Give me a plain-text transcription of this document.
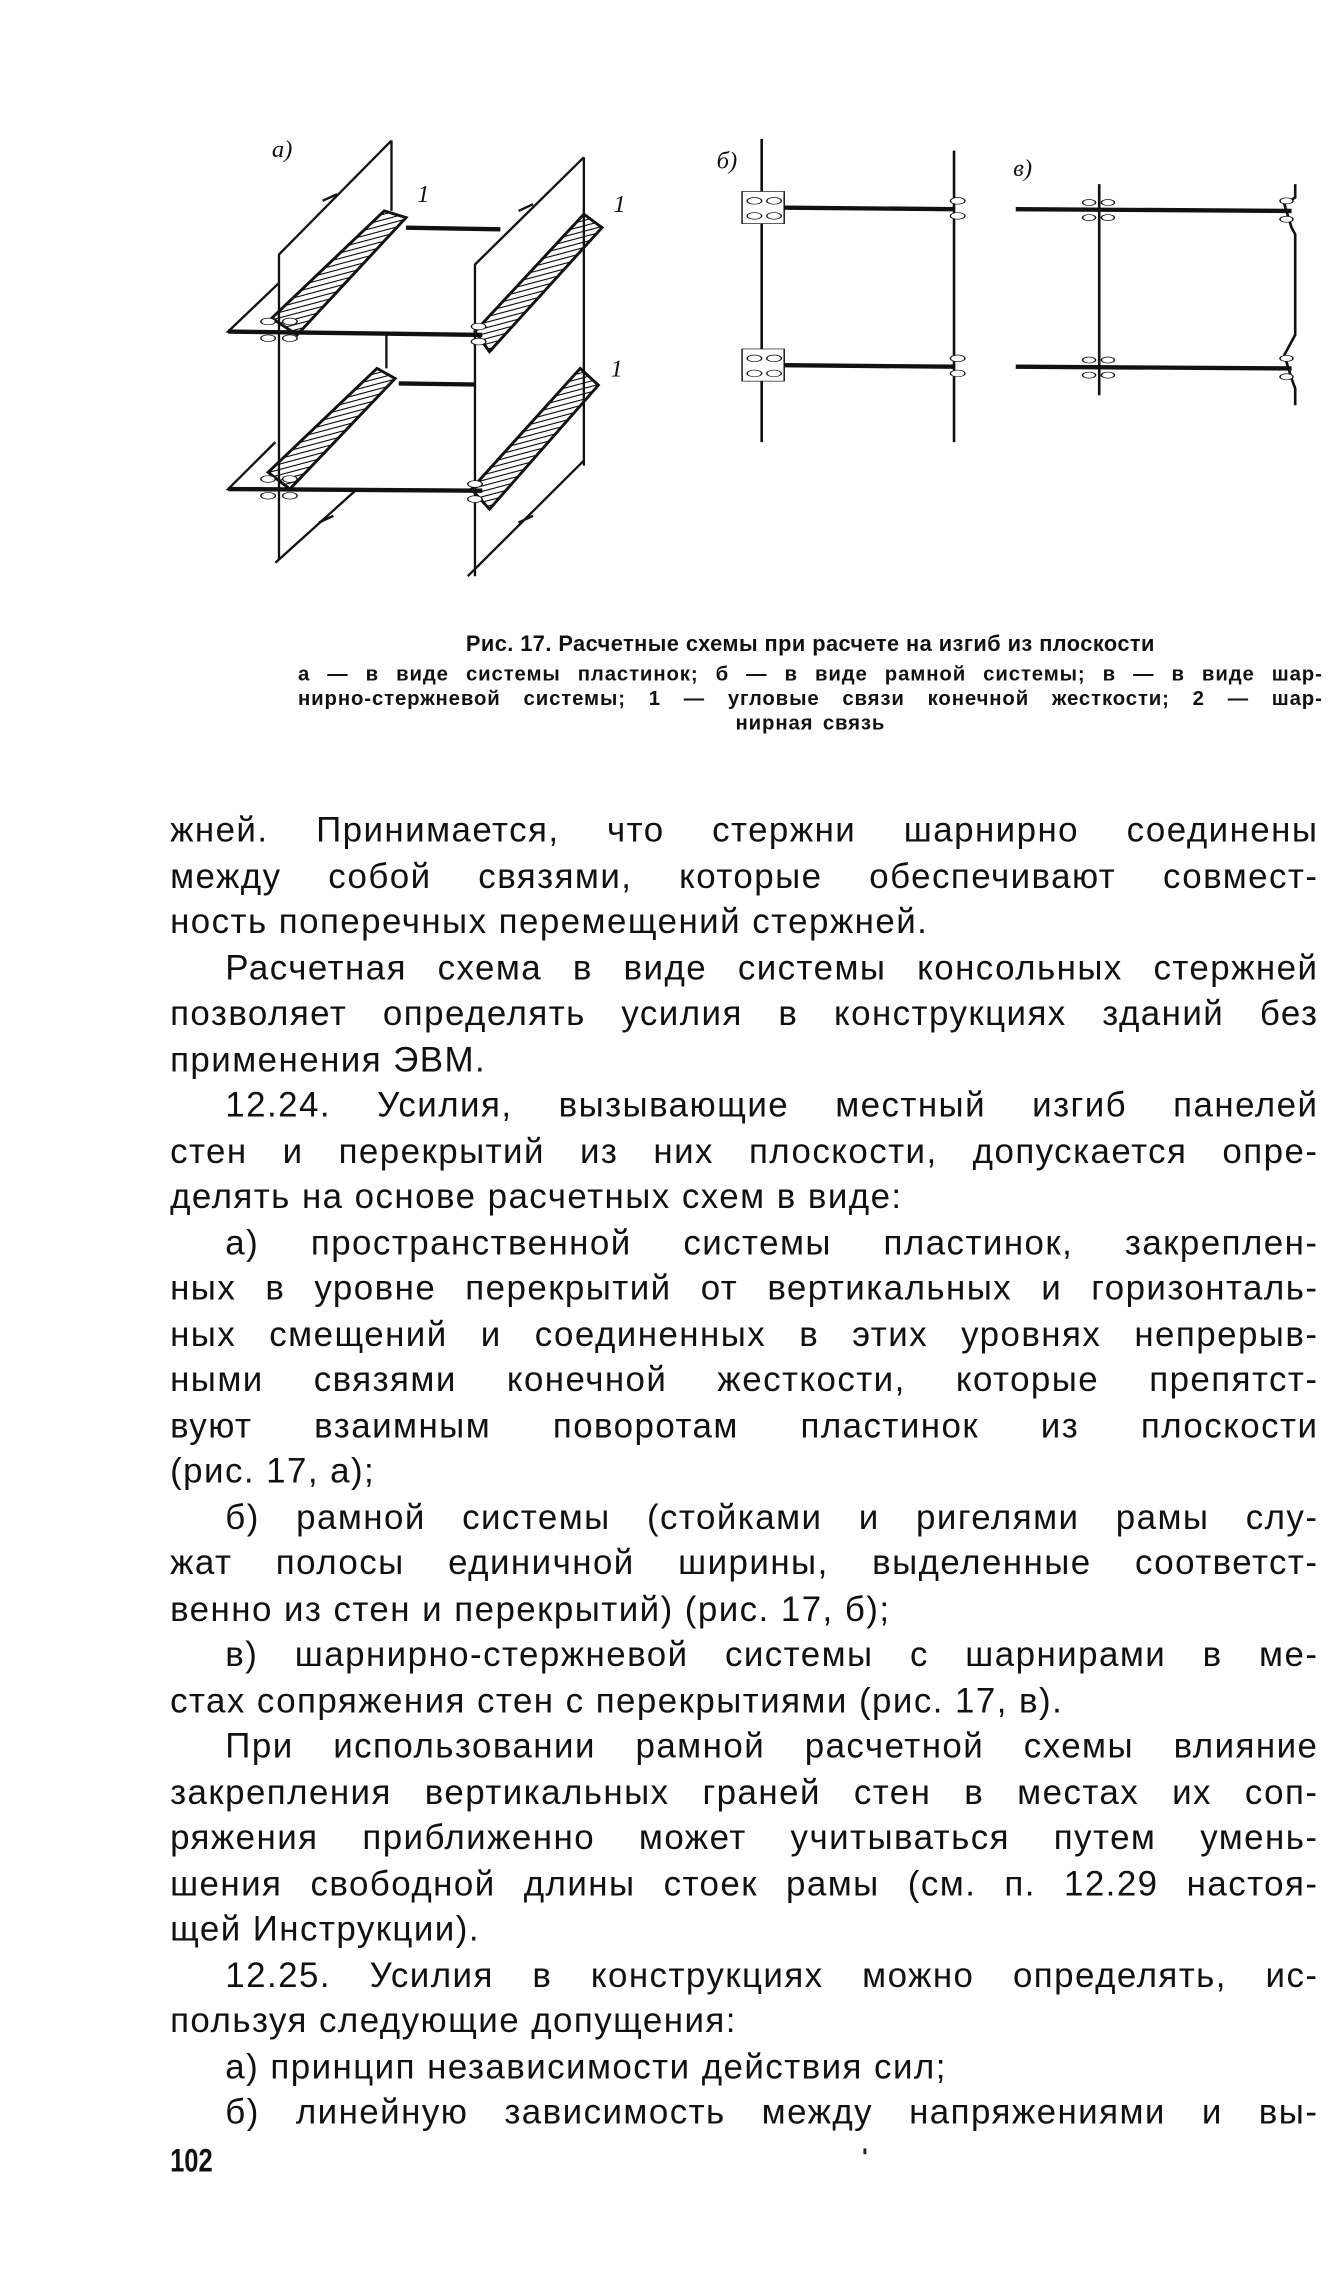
а)	б)	в)
1	1
1
Рис. 17. Расчетные схемы при расчете на изгиб из плоскости
а — в виде системы пластинок; б — в виде рамной системы; в — в виде шар-
нирно-стержневой системы; 1 — угловые связи конечной жесткости; 2 — шар-
нирная связь
жней. Принимается, что стержни шарнирно соединены
между собой связями, которые обеспечивают совмест-
ность поперечных перемещений стержней.
Расчетная схема в виде системы консольных стержней
позволяет определять усилия в конструкциях зданий без
применения ЭВМ.
12.24. Усилия, вызывающие местный изгиб панелей
стен и перекрытий из них плоскости, допускается опре-
делять на основе расчетных схем в виде:
а) пространственной системы пластинок, закреплен-
ных в уровне перекрытий от вертикальных и горизонталь-
ных смещений и соединенных в этих уровнях непрерыв-
ными связями конечной жесткости, которые препятст-
вуют взаимным поворотам пластинок из плоскости
(рис. 17, а);
б) рамной системы (стойками и ригелями рамы слу-
жат полосы единичной ширины, выделенные соответст-
венно из стен и перекрытий) (рис. 17, б);
в) шарнирно-стержневой системы с шарнирами в ме-
стах сопряжения стен с перекрытиями (рис. 17, в).
При использовании рамной расчетной схемы влияние
закрепления вертикальных граней стен в местах их соп-
ряжения приближенно может учитываться путем умень-
шения свободной длины стоек рамы (см. п. 12.29 настоя-
щей Инструкции).
12.25. Усилия в конструкциях можно определять, ис-
пользуя следующие допущения:
а) принцип независимости действия сил;
б) линейную зависимость между напряжениями и вы-
102
